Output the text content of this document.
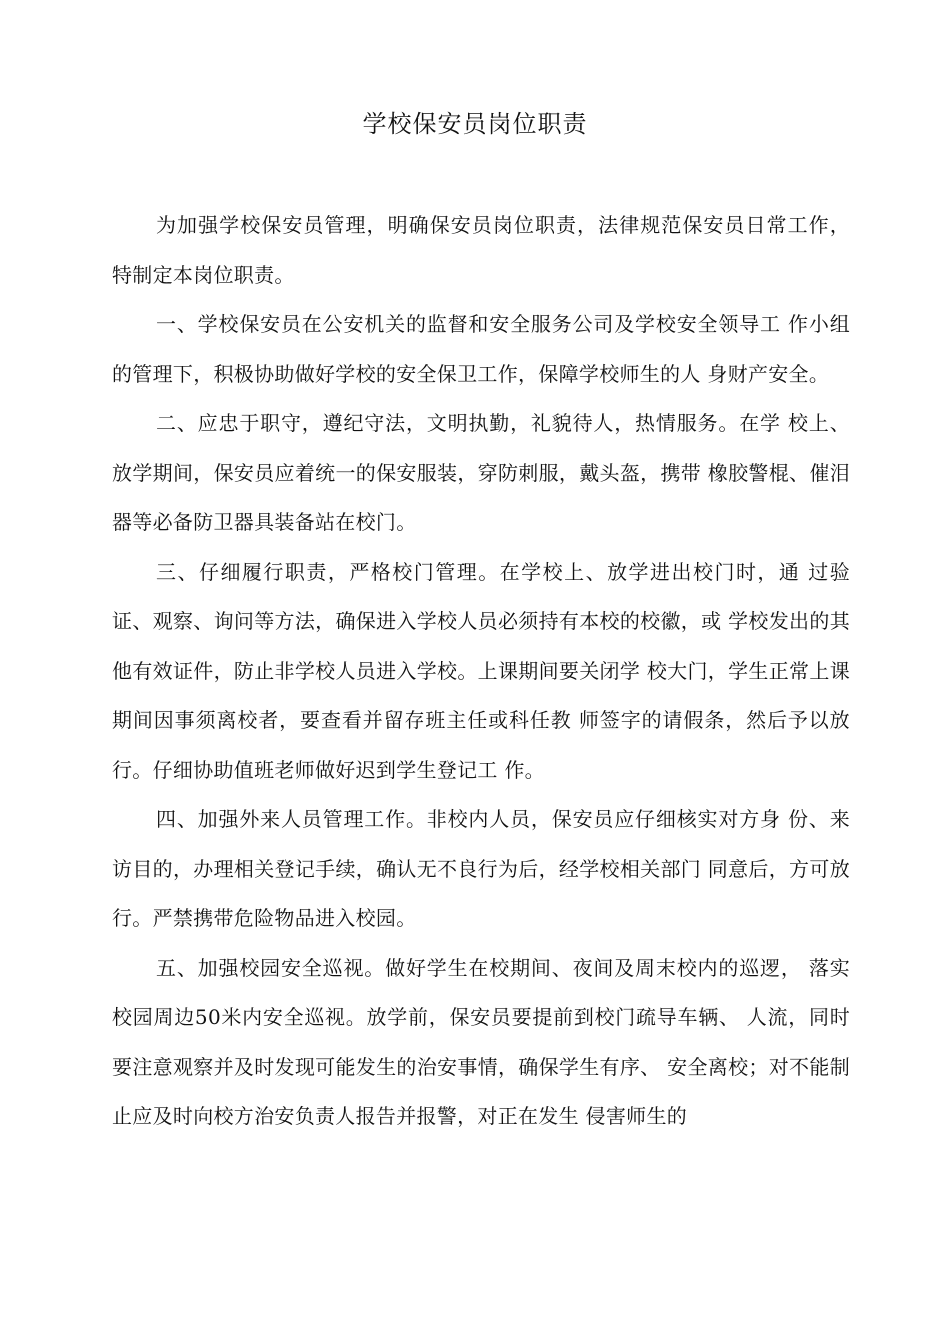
学校保安员岗位职责

为加强学校保安员管理，明确保安员岗位职责，法律规范保安员日常工作， 特制定本岗位职责。

一、学校保安员在公安机关的监督和安全服务公司及学校安全领导工 作小组的管理下，积极协助做好学校的安全保卫工作，保障学校师生的人 身财产安全。

二、应忠于职守，遵纪守法，文明执勤，礼貌待人，热情服务。在学 校上、放学期间，保安员应着统一的保安服装，穿防刺服，戴头盔，携带 橡胶警棍、催泪器等必备防卫器具装备站在校门。

三、仔细履行职责，严格校门管理。在学校上、放学进出校门时，通 过验证、观察、询问等方法，确保进入学校人员必须持有本校的校徽，或 学校发出的其他有效证件，防止非学校人员进入学校。上课期间要关闭学 校大门，学生正常上课期间因事须离校者，要查看并留存班主任或科任教 师签字的请假条，然后予以放行。仔细协助值班老师做好迟到学生登记工 作。

四、加强外来人员管理工作。非校内人员，保安员应仔细核实对方身 份、来访目的，办理相关登记手续，确认无不良行为后，经学校相关部门 同意后，方可放行。严禁携带危险物品进入校园。

五、加强校园安全巡视。做好学生在校期间、夜间及周末校内的巡逻， 落实校园周边50米内安全巡视。放学前，保安员要提前到校门疏导车辆、 人流，同时要注意观察并及时发现可能发生的治安事情，确保学生有序、 安全离校；对不能制止应及时向校方治安负责人报告并报警，对正在发生 侵害师生的
